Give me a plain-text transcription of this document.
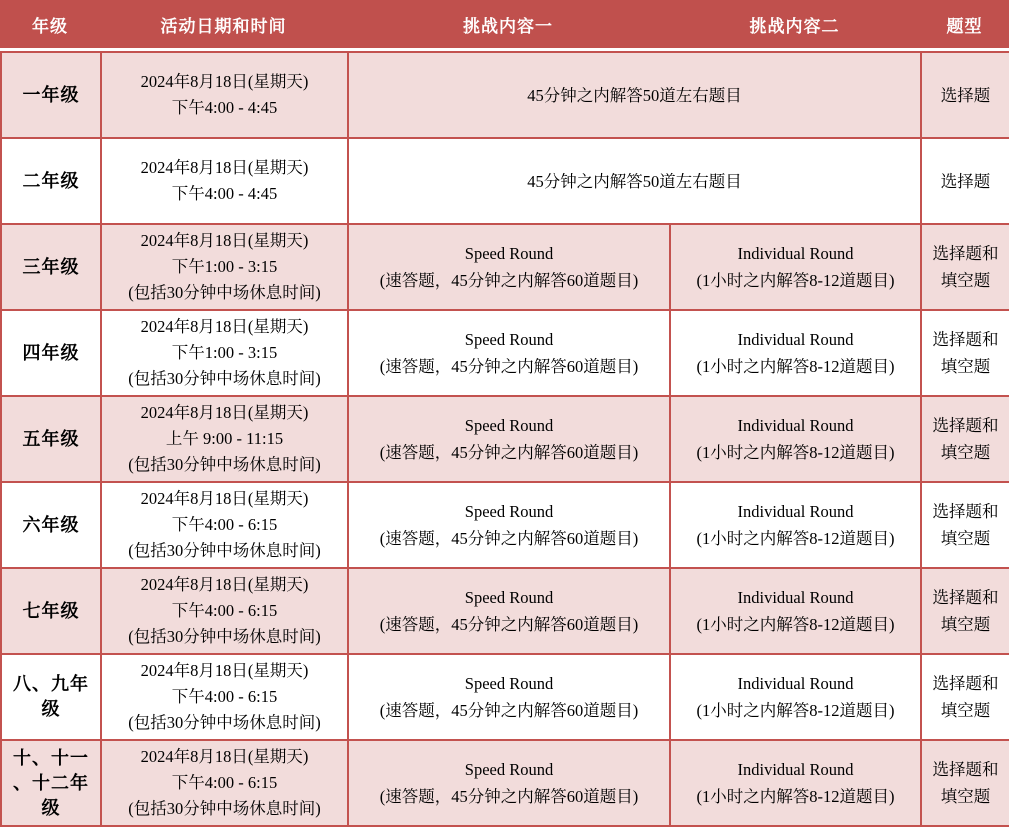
年级	活动日期和时间	挑战内容一	挑战内容二	题型
一年级	2024年8月18日(星期天)
下午4:00 - 4:45	45分钟之内解答50道左右题目		选择题

二年级	2024年8月18日(星期天)
下午4:00 - 4:45	45分钟之内解答50道左右题目		选择题

三年级	2024年8月18日(星期天)
下午1:00 - 3:15
(包括30分钟中场休息时间)	Speed Round
(速答题，45分钟之内解答60道题目)	Individual Round
(1小时之内解答8-12道题目)	选择题和
填空题

四年级	2024年8月18日(星期天)
下午1:00 - 3:15
(包括30分钟中场休息时间)	Speed Round
(速答题，45分钟之内解答60道题目)	Individual Round
(1小时之内解答8-12道题目)	选择题和
填空题

五年级	2024年8月18日(星期天)
上午 9:00 - 11:15
(包括30分钟中场休息时间)	Speed Round
(速答题，45分钟之内解答60道题目)	Individual Round
(1小时之内解答8-12道题目)	选择题和
填空题

六年级	2024年8月18日(星期天)
下午4:00 - 6:15
(包括30分钟中场休息时间)	Speed Round
(速答题，45分钟之内解答60道题目)	Individual Round
(1小时之内解答8-12道题目)	选择题和
填空题

七年级	2024年8月18日(星期天)
下午4:00 - 6:15
(包括30分钟中场休息时间)	Speed Round
(速答题，45分钟之内解答60道题目)	Individual Round
(1小时之内解答8-12道题目)	选择题和
填空题

八、九年
级	2024年8月18日(星期天)
下午4:00 - 6:15
(包括30分钟中场休息时间)	Speed Round
(速答题，45分钟之内解答60道题目)	Individual Round
(1小时之内解答8-12道题目)	选择题和
填空题

十、十一
、十二年
级	2024年8月18日(星期天)
下午4:00 - 6:15
(包括30分钟中场休息时间)	Speed Round
(速答题，45分钟之内解答60道题目)	Individual Round
(1小时之内解答8-12道题目)	选择题和
填空题
